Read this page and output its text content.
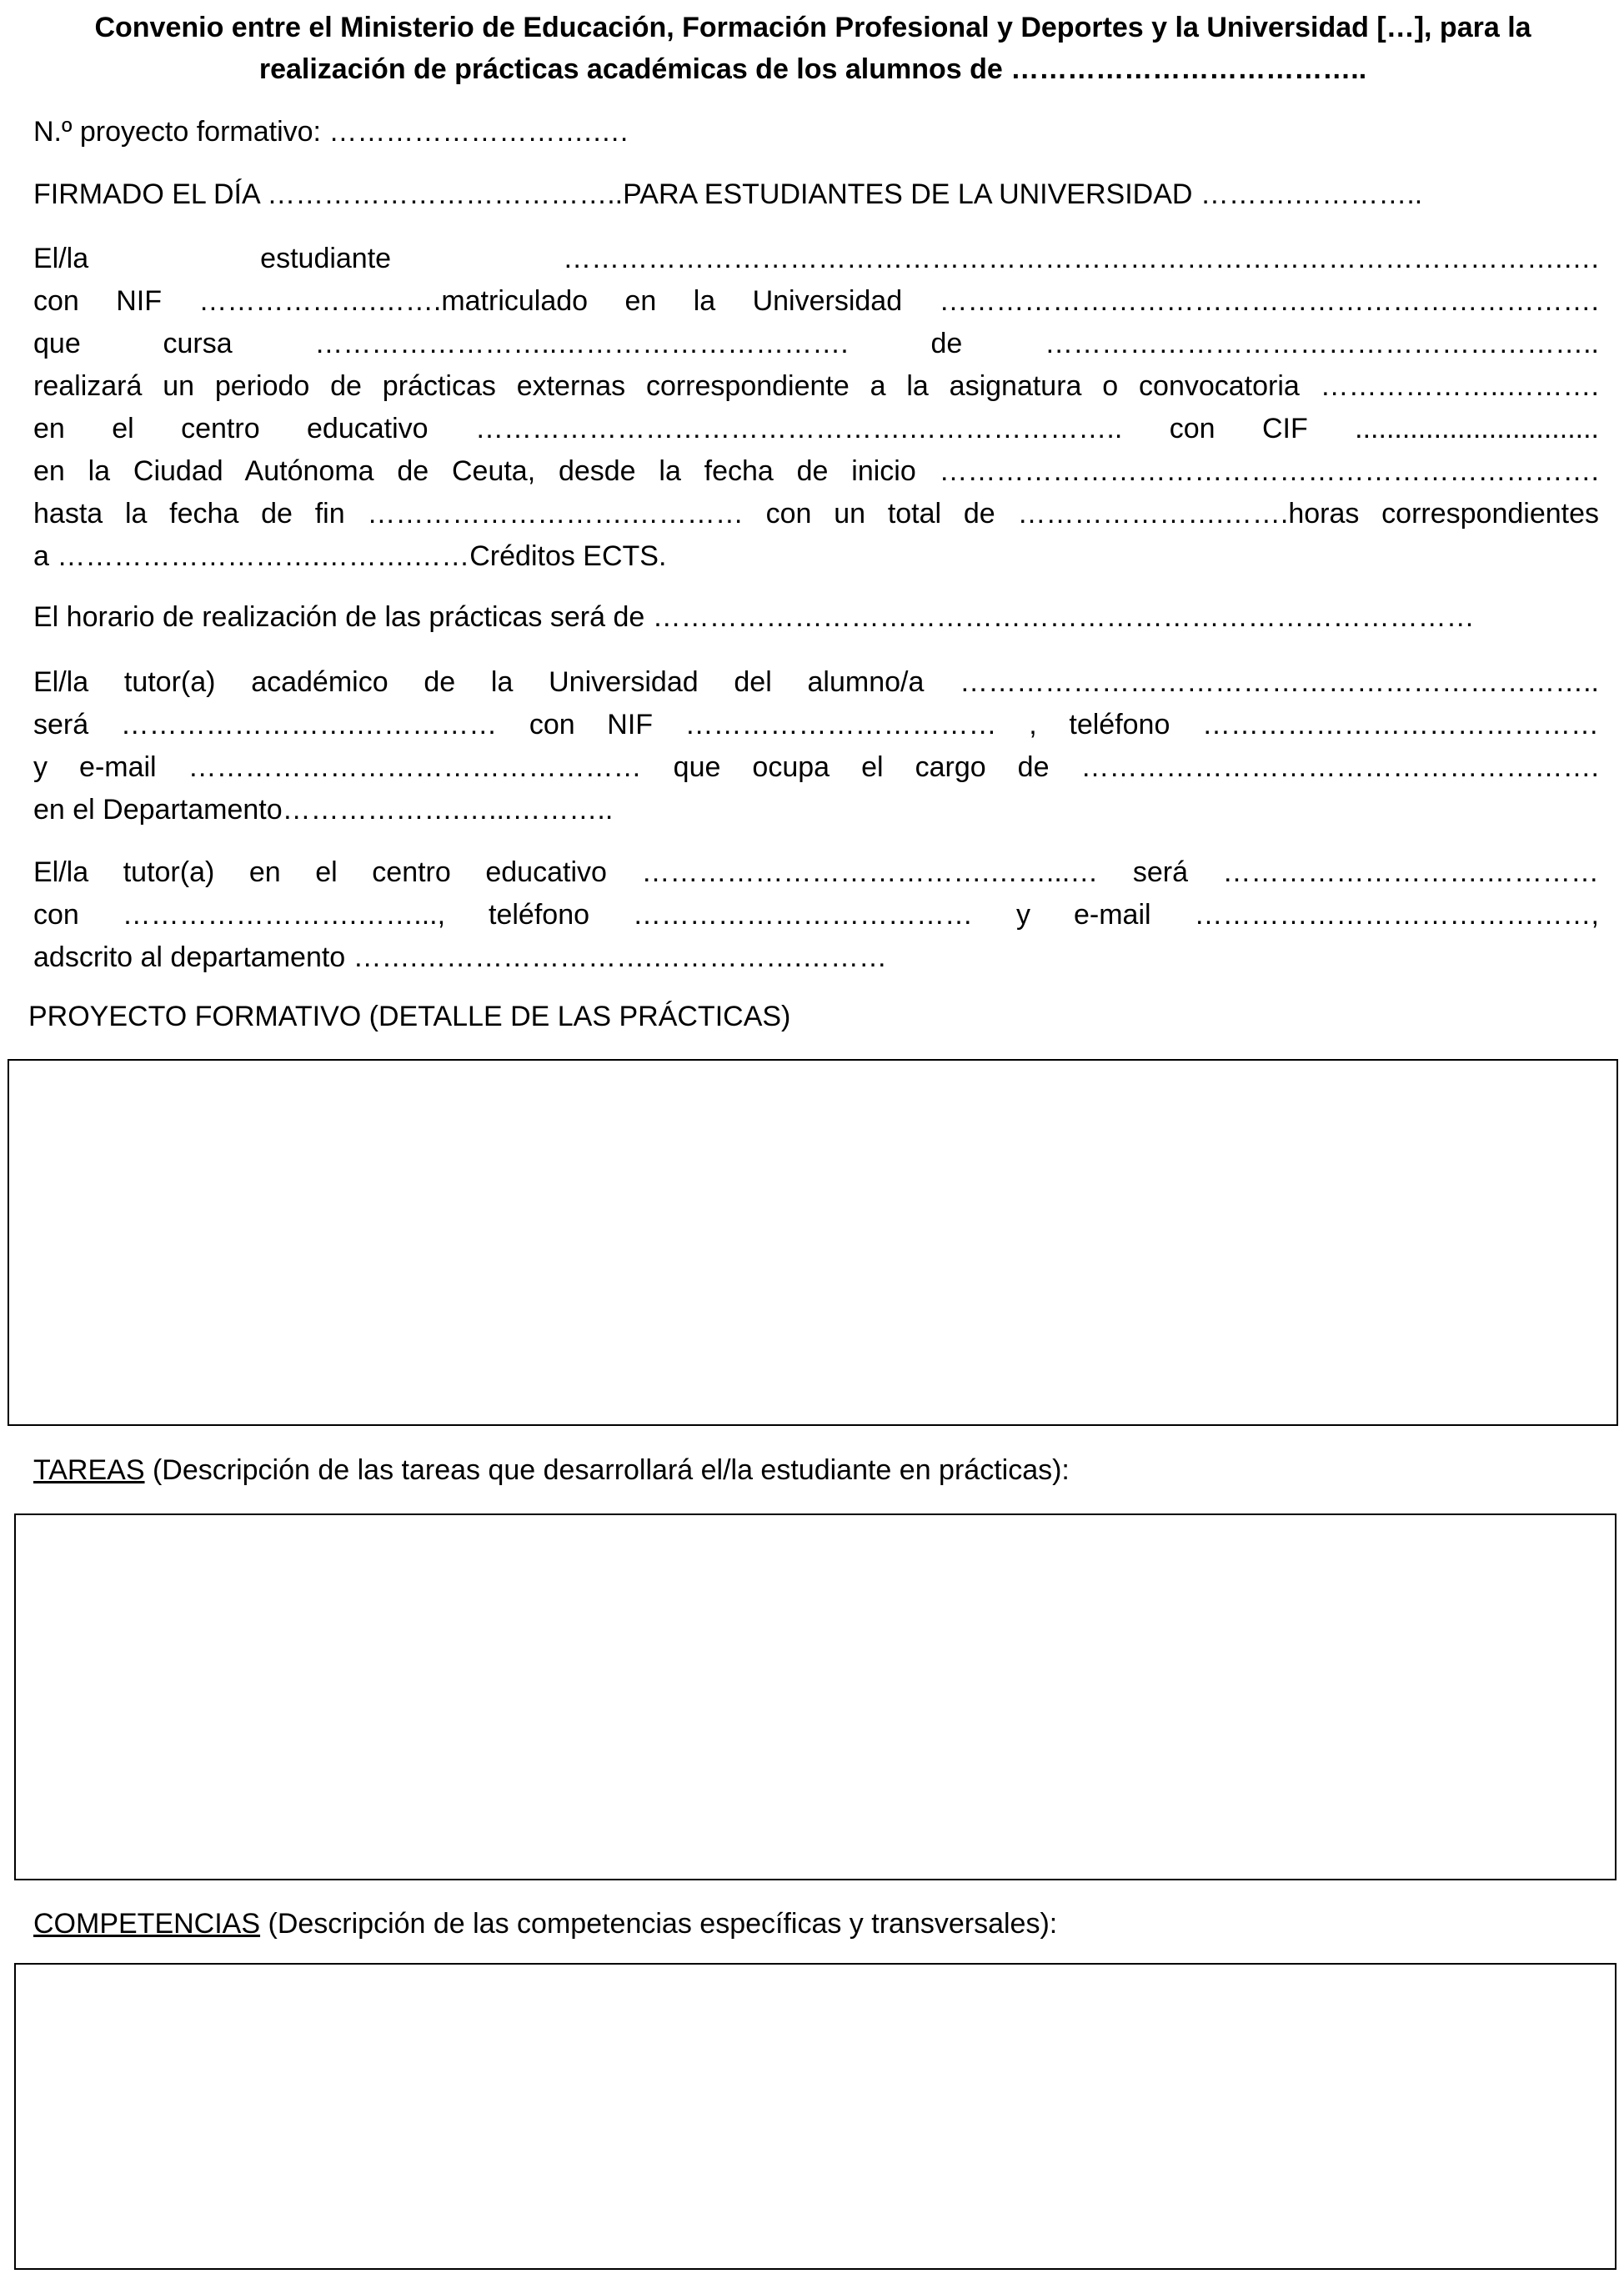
Convenio entre el Ministerio de Educación, Formación Profesional y Deportes y la Universidad […], para la
realización de prácticas académicas de los alumnos de ………………………………..
N.º proyecto formativo: ……………………….….
FIRMADO EL DÍA ………………………………..PARA ESTUDIANTES DE LA UNIVERSIDAD ……….…………..
El/la estudiante …………………………………………………………………………………………….….
con NIF ……………….…….matriculado en la Universidad …………………………………………………………….
que cursa ……………………..…………………………. de …………………………………………………..
realizará un periodo de prácticas externas correspondiente a la asignatura o convocatoria ………………..……….
en el centro educativo ……………………………………….………………….. con CIF ...............................
en la Ciudad Autónoma de Ceuta, desde la fecha de inicio …………………………………………………………….
hasta la fecha de fin ……………………….………… con un total de ………………….…….horas correspondientes
a ……………………….……….……Créditos ECTS.
El horario de realización de las prácticas será de ……………………………………………………………………………
El/la tutor(a) académico de la Universidad del alumno/a …………………………………………………………..
será …………………….…………… con NIF …………………………… , teléfono ……………………………………
y e-mail ………………………………………… que ocupa el cargo de ……………………………………………….
en el Departamento……………….…...………..
El/la tutor(a) en el centro educativo ……………………………….……...… será ……………………….…………
con …………………….……..., teléfono ……………………………… y e-mail ……………………………………,
adscrito al departamento …….…………………….…………….………
PROYECTO FORMATIVO (DETALLE DE LAS PRÁCTICAS)
TAREAS (Descripción de las tareas que desarrollará el/la estudiante en prácticas):
COMPETENCIAS (Descripción de las competencias específicas y transversales):
